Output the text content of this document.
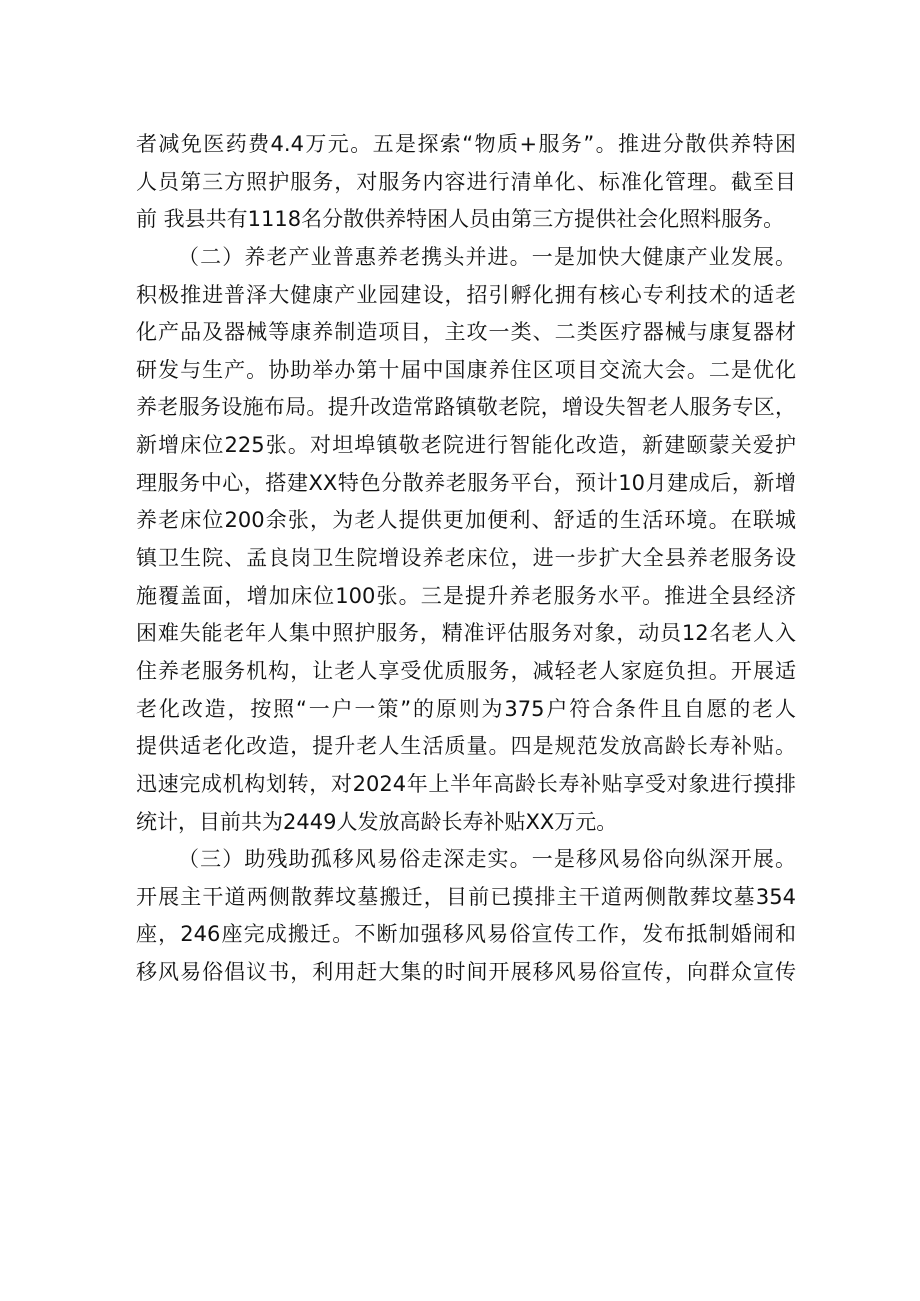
者减免医药费4.4万元。五是探索“物质+服务”。推进分散供养特困
人员第三方照护服务，对服务内容进行清单化、标准化管理。截至目
前 我县共有1118名分散供养特困人员由第三方提供社会化照料服务。
（二）养老产业普惠养老携头并进。一是加快大健康产业发展。
积极推进普泽大健康产业园建设，招引孵化拥有核心专利技术的适老
化产品及器械等康养制造项目，主攻一类、二类医疗器械与康复器材
研发与生产。协助举办第十届中国康养住区项目交流大会。二是优化
养老服务设施布局。提升改造常路镇敬老院，增设失智老人服务专区，
新增床位225张。对坦埠镇敬老院进行智能化改造，新建颐蒙关爱护
理服务中心，搭建XX特色分散养老服务平台，预计10月建成后，新增
养老床位200余张，为老人提供更加便利、舒适的生活环境。在联城
镇卫生院、孟良岗卫生院增设养老床位，进一步扩大全县养老服务设
施覆盖面，增加床位100张。三是提升养老服务水平。推进全县经济
困难失能老年人集中照护服务，精准评估服务对象，动员12名老人入
住养老服务机构，让老人享受优质服务，减轻老人家庭负担。开展适
老化改造，按照“一户一策”的原则为375户符合条件且自愿的老人
提供适老化改造，提升老人生活质量。四是规范发放高龄长寿补贴。
迅速完成机构划转，对2024年上半年高龄长寿补贴享受对象进行摸排
统计，目前共为2449人发放高龄长寿补贴XX万元。
（三）助残助孤移风易俗走深走实。一是移风易俗向纵深开展。
开展主干道两侧散葬坟墓搬迁，目前已摸排主干道两侧散葬坟墓354
座，246座完成搬迁。不断加强移风易俗宣传工作，发布抵制婚闹和
移风易俗倡议书，利用赶大集的时间开展移风易俗宣传，向群众宣传
